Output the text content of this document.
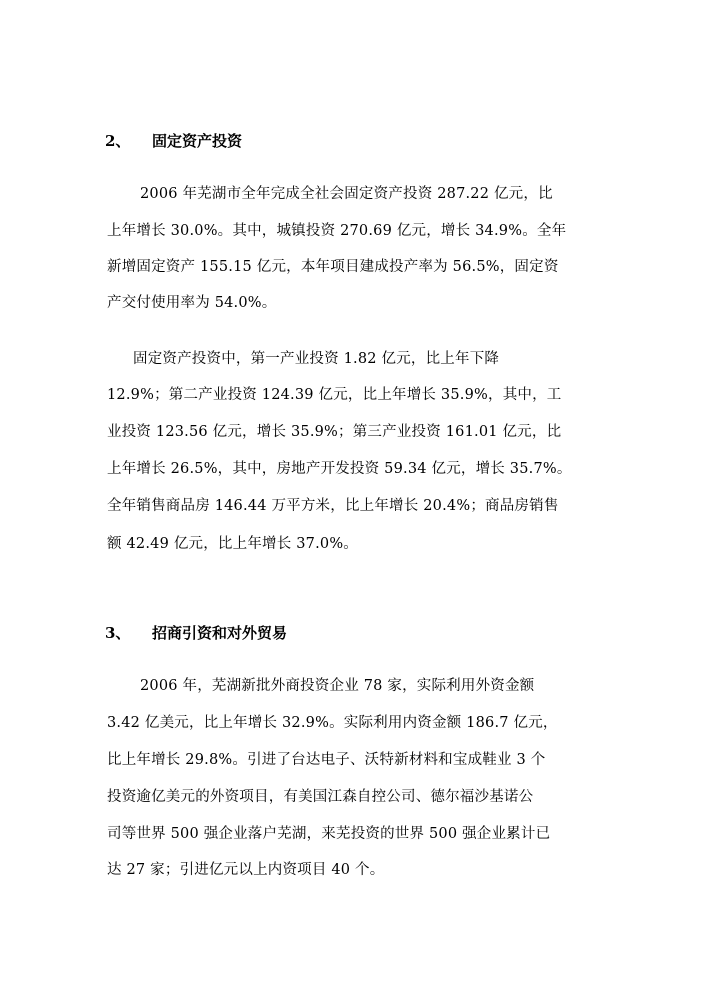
2、 固定资产投资
2006 年芜湖市全年完成全社会固定资产投资 287.22 亿元，比
上年增长 30.0%。其中，城镇投资 270.69 亿元，增长 34.9%。全年
新增固定资产 155.15 亿元，本年项目建成投产率为 56.5%，固定资
产交付使用率为 54.0%。
固定资产投资中，第一产业投资 1.82 亿元，比上年下降
12.9%；第二产业投资 124.39 亿元，比上年增长 35.9%，其中，工
业投资 123.56 亿元，增长 35.9%；第三产业投资 161.01 亿元，比
上年增长 26.5%，其中，房地产开发投资 59.34 亿元，增长 35.7%。
全年销售商品房 146.44 万平方米，比上年增长 20.4%；商品房销售
额 42.49 亿元，比上年增长 37.0%。
3、 招商引资和对外贸易
2006 年，芜湖新批外商投资企业 78 家，实际利用外资金额
3.42 亿美元，比上年增长 32.9%。实际利用内资金额 186.7 亿元，
比上年增长 29.8%。引进了台达电子、沃特新材料和宝成鞋业 3 个
投资逾亿美元的外资项目，有美国江森自控公司、德尔福沙基诺公
司等世界 500 强企业落户芜湖，来芜投资的世界 500 强企业累计已
达 27 家；引进亿元以上内资项目 40 个。
